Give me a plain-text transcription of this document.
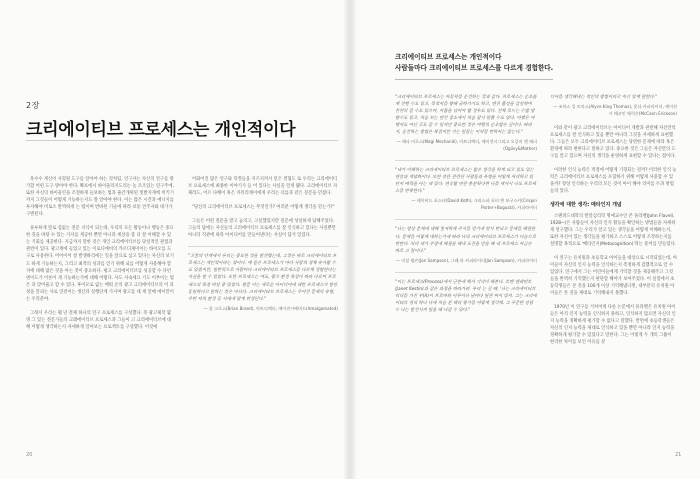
2장
크리에이티브 프로세스는 개인적이다

옥수수 게신이 사형될 도구를 알아야 하는 것처럼, 연구자는 자신의 연구를 방가할 어떤 도구 방아야 한다. 확프에서 바이울라지도리는 늘 조조있는 연구주에, 또한 자신의 바이울린을 조절하게 들보하는 법과 줄간개위된 빗발지게에 비키기까지 그것들이 어떻게 기능하는지도 잘 알아야 한다. 이는 많은 시간과 예너지를 투자해야 비로소 완벽하게 는 법이며 반바된 기술에 따라 보통 연주자와 대가가 구별된다.

플루하게 말로 겁없는 전문 지식이 되는데, 우리의 모든 활동이나 행동은 중요한 것을 바탕 수 있는 기자를 재공한 뿐만 아니라 세상을 좀 더 잘 이해할 수 있는 기회를 제공한다. 지금까지 말한 것은 개인 크리에이티브를 당실적인 관점과 관련이 있다. 광고계에 들었고 있는 이로디에비의 카르디제미이는 바이오를 도구로 사용한다. 어이이어 창 발생하리에는 일을 앞으로 심고 있다는 자신의 보기도 하게 기능하는지, 그리고 최적의 성과를 얻기 위해 뇌를 어떻게 사용해야 할지에 대해 많은 것을 아는 것이 중요하다. 평고 크리에이티브를 성공할 수 다던 변이도가 이론이 게 기능하는가에 대해 어떻다. 사도 사속세요 기도 이부이는 법은 과 맞어줄고 할 수 있다. 후이모로 없는 배워 온의 광고 크리에이티브의 이 과정을 알피는 사로 연결이는 생산과 실행단계 가지며 광고를 대 재 알메 에이만이는 우리분야.

그래서 우리는 웰 넌 전체 하나의 연구 프로세스를 구성했다. 즉 광고제작 몇명 그 있는 전문가들의 크레에이티브 프로세스과 그들이 고 크리에이티브에 대해 어떻게 생각하는지 자세하게 알아보는 프로젝트를 구상했다. 이것에

어화어진 많은 연구와 학결들을 지즈지켜서 얻은 결협도 로 우리는 크리에이티브 프로세스에 최종한 이야기가 들 어 있다는 사실을 알게 됐다. 크리에이티브 자체라도, 어르 다해이 혹은 커뮤리케이에게 우리는 더를과 같은 질문을 던졌다.

"당신의 크리에이티브 프로세스는 무엇인가? 여러분 어떻게 생각을 얻는가?"

그들은 어떤 질문을 받고 놓의고, 고실했었지만 질문에 성실하게 답해주었다. 그들의 답에는 자신들의 고러에이티브 프로세스를 잘 인식하고 있다는 사실뿐만 아니라 직관에 따라 아이디어를 만들어낸다는 사실이 담겨 있었다.

"고찰의 단계에서 우리는 중요한 것을 발견했는데, 그것은 바로 크리에이티브 프로세스는 개인적이라는 점이다. 예 들은 프로세스가 마다 사람의 정체 유사할 수도 있겠지만, 일반적으로 사람마다 크리에이티브 프로세스를 다르게 경험한다는 사실을 알 수 있었다. 또한 프로세스는 여도, 광고 환경 특징이 따라 다르며 프로세스의 특정 비상 중 있었다. 필문 이는 새로운 아이디어에 대한 프로세스가 항상 동일하다고 말하는 것은 아니다. 크리에이티브 프로세스는 주어진 문제의 유형, 주변 자의 환경 등 시대에 맞게 변경된다."
— 폴 크로스(Brian Brand), 아트디렉터, 에이전시에버드(Amalgamated)
20	21
크리에이티브 프로세스는 개인적이다
사람들마다 크리에이티브 프로세스를 다르게 경험한다.
"크리에이티브 프로세스는 자동차를 운전하는 것과 같다. 프로세스는 순조롭게 진행 수도 있고, 목적지를 향해 급하가기도 하고, 엔진 품성을 감상하며 천천히 갈 수도 있으며, 지름을 넘어야 할 경우도 있다. 전체 로드는 수많 방향수도 있고, 처음 보는 엔진 장소에서 처음 잠시 멈출 수도 있다. 어쨌든 여행지도 어딘 곳도 갈 수 있지만 중요한 것은 여행의 순조함은 길이다. 따라서, 운전하는 방법은 복잡지만 가는 일들는 이처럼 변하지는 않는다."
— 매닉 머로스(Magi Mechanik), 아트디렉터, 에이전시그리고 오길비 앤 매더(Ogilvy&Mather)
"내가 이해하는 크리에이티브 프로세스는 많은 생각을 하게 되고 있도 있는 현상과 개념화이다. 또한 상관 관련된 사람들과 유형을 어떻게 처리하고 있던지 매력을 아는 데 있다. 연속할 연관 충분하다면 나를 제거시 나도 프로세스를 반복한다."
— 데이비드 포스터(David Koth), 크리스퍼 포터 앤 보구스키(Crispin Porter+Boguski), 카피라이터
"나는 항상 문제에 대해 철저하게 주시를 받기에 앞서 반되고 문제를 해결한다. 문제를 어떻게 대하는가에 따라 나의 크리에이티브 프로세스가 다음으로 변한다. 처리 내가 주장에 해결을 해내 도전을 받을 때 내 프로세스 자금은 바로 그 질이다."
— 미셜 샘슨(Jon Sampson), 그레 라 카피라이터(Jon Sampson), 카피라이터
"이는 프로세스(Process)에서 근본에 해서 기억이 해본다. 트랜 엘레펀트(Janet Kestin)과 같은 과정을 따라가려. 우리 는 길 때, '나는 크리에이티브 리더를 가진 부(A)이 프로바와 이루이나 날마다 일관 씨이 있지. 그는 크리에이티브 영역 하나 나에 처음 분 해리 평가를 어떻게 생각해. 그 꾸준한 상당수 나는 발전시켜 일을 해 나갈 수 있다."
디어를 생각해내는 적인의 방법이라고 자신 있게 말한다."
— 조마스 잉 토마스(Alyce King Thomas), 쿳다 카피라이터, 에이전시 매코인 에릭슨(McCann Erickson)

이와 같이 광고 크리에이티브는 아이디어 개발과 관련해 자신만의 프로세스를 잘 인식하고 있음 뿐만 아니라 그것을 자세하게 표현했다. 그들은 모두 크리에이티브 프로세스는 당면한 문제에 따라 혹은 환경에 따라 변한다고 말하고 있다. 중요한 것은 그들은 자신만의 도구를 알고 있으며 자신의 생각을 운영하게 표현할 수 있다는 점이다.

이러한 인식 능력은 적절에 어떻게 기형되는 걸까? 이러한 인식 능력은 크리에이티브 프로세스를 포함하기 위해 어떻게 사용할 수 있을까? 향상 인식하는 우리의 모든 것이 아이 해야 의미를 두과 방법 들의 있다.

생각에 대한 생각: 메타인지 개념

스탠퍼드대학의 발달심리학 명예교수인 존 플라벨(John Flavell, 1928~)은 사람들이 자신의 인지 활동을 확인하는 방법들을 자세하게 연구했다. 그는 우리가 알고 있는 생각들을 어떻게 이해하는지, 또한 자신이 있는 생각들을 평가하고 스스로 어떻게 조작하는지를 설명할 목적으로 '메타인지(Metacognition)'라는 용어를 만들었다.

이 연구는 유치원과 초등학교 아이들을 대상으로 시작되었는데, 아이들이 자신의 인지 능력을 인식하는지 측정하게 검했적으로 알 수 있었다. 연구에서 그는 어린이들에게 기억할 것을 제공해주고 그것들을 완벽히 기억했는지 판단할 해야가 보여주었다. 이 실험에서 초등학생들은 본 것을 100개 이상 기억해냈다면, 대부분의 유치원 아이들은 본 것을 제대로 기억해내지 못했다.

1970년 이 연구를 거쳐여게 다룬 논문에서 플라벨은 유치원 아이들은 아직 인지 능력을 인식하지 못하고, 인식하지 않으면 자신의 인지 능력을 정확하게 평가할 수 없다고 말했다. 반면에 초등학생들은 자신의 인지 능력을 제대로 인식하고 있을 뿐만 아니라 인지 능력을 정확하게 평가할 수 있었다고 말한다. 그는 이렇게 두 개의 그룹이 현격한 차이를 보인 이유를 분
